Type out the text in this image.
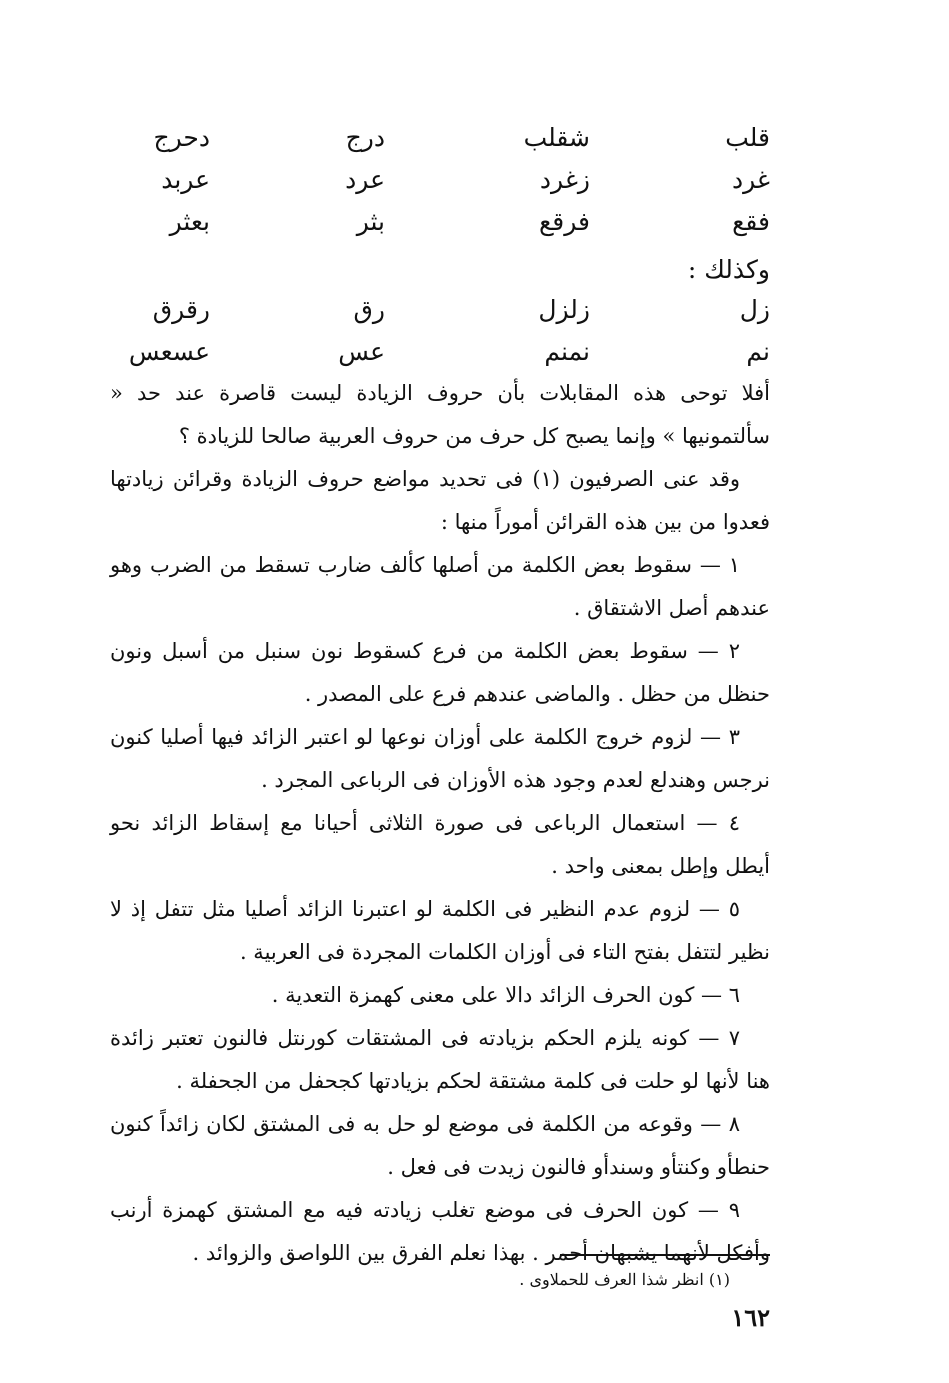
قلب
شقلب
درج
دحرج
غرد
زغرد
عرد
عربد
فقع
فرقع
بثر
بعثر
وكذلك :
زل
زلزل
رق
رقرق
نم
نمنم
عس
عسعس

أفلا توحى هذه المقابلات بأن حروف الزيادة ليست قاصرة عند حد « سألتمونيها » وإنما يصبح كل حرف من حروف العربية صالحا للزيادة ؟

وقد عنى الصرفيون (١) فى تحديد مواضع حروف الزيادة وقرائن زيادتها فعدوا من بين هذه القرائن أموراً منها :

١ — سقوط بعض الكلمة من أصلها كألف ضارب تسقط من الضرب وهو عندهم أصل الاشتقاق .

٢ — سقوط بعض الكلمة من فرع كسقوط نون سنبل من أسبل ونون حنظل من حظل . والماضى عندهم فرع على المصدر .

٣ — لزوم خروج الكلمة على أوزان نوعها لو اعتبر الزائد فيها أصليا كنون نرجس وهندلع لعدم وجود هذه الأوزان فى الرباعى المجرد .

٤ — استعمال الرباعى فى صورة الثلاثى أحيانا مع إسقاط الزائد نحو أيطل وإطل بمعنى واحد .

٥ — لزوم عدم النظير فى الكلمة لو اعتبرنا الزائد أصليا مثل تتفل إذ لا نظير لتتفل بفتح التاء فى أوزان الكلمات المجردة فى العربية .

٦ — كون الحرف الزائد دالا على معنى كهمزة التعدية .

٧ — كونه يلزم الحكم بزيادته فى المشتقات كورنتل فالنون تعتبر زائدة هنا لأنها لو حلت فى كلمة مشتقة لحكم بزيادتها كجحفل من الجحفلة .

٨ — وقوعه من الكلمة فى موضع لو حل به فى المشتق لكان زائداً كنون حنطأو وكنتأو وسندأو فالنون زيدت فى فعل .

٩ — كون الحرف فى موضع تغلب زيادته فيه مع المشتق كهمزة أرنب وأفكل لأنهما يشبهان أحمر . بهذا نعلم الفرق بين اللواصق والزوائد .

(١) انظر شذا العرف للحملاوى .
١٦٢
